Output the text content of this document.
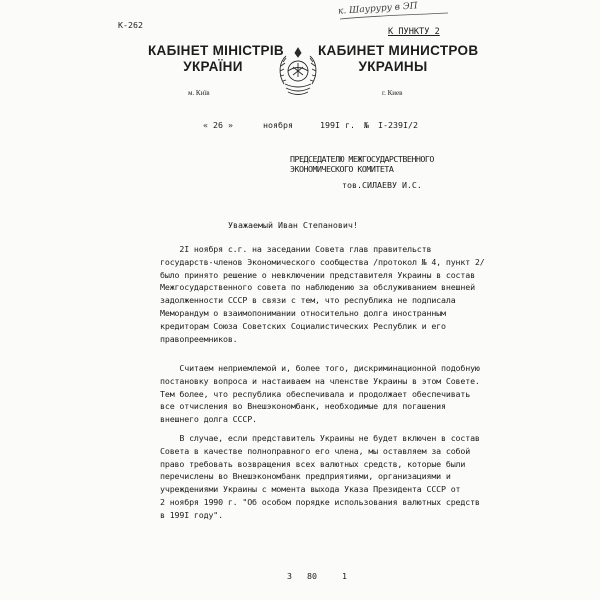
К-262
к. Шауруру в ЭП
К ПУНКТУ 2
КАБІНЕТ МІНІСТРІВ
УКРАЇНИ
м. Київ
КАБИНЕТ МИНИСТРОВ
УКРАИНЫ
г. Киев
« 26 »	ноября	199I г. № I-239I/2
ПРЕДСЕДАТЕЛЮ МЕЖГОСУДАРСТВЕННОГО
ЭКОНОМИЧЕСКОГО КОМИТЕТА
тов.СИЛАЕВУ И.С.
Уважаемый Иван Степанович!
2I ноября с.г. на заседании Совета глав правительств
государств-членов Экономического сообщества /протокол № 4, пункт 2/
было принято решение о невключении представителя Украины в состав
Межгосударственного совета по наблюдению за обслуживанием внешней
задолженности СССР в связи с тем, что республика не подписала
Меморандум о взаимопонимании относительно долга иностранным
кредиторам Союза Советских Социалистических Республик и его
правопреемников.
Считаем неприемлемой и, более того, дискриминационной подобную
постановку вопроса и настаиваем на членстве Украины в этом Совете.
Тем более, что республика обеспечивала и продолжает обеспечивать
все отчисления во Внешэкономбанк, необходимые для погашения
внешнего долга СССР.
В случае, если представитель Украины не будет включен в состав
Совета в качестве полноправного его члена, мы оставляем за собой
право требовать возвращения всех валютных средств, которые были
перечислены во Внешэкономбанк предприятиями, организациями и
учреждениями Украины с момента выхода Указа Президента СССР от
2 ноября 1990 г. "Об особом порядке использования валютных средств
в 199I году".
3   80     1
